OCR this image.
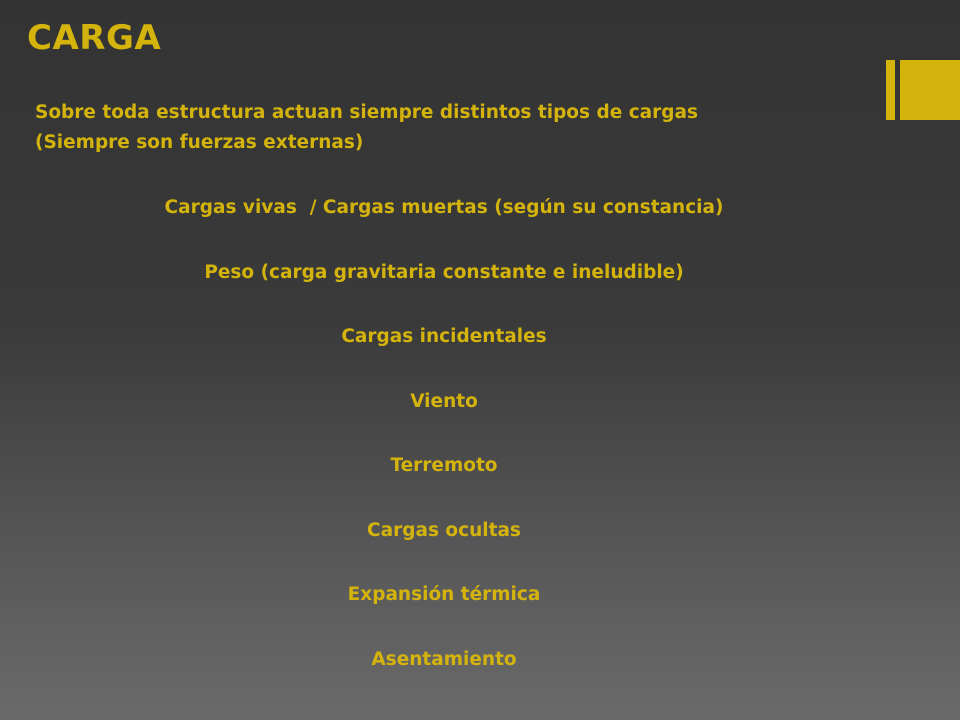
CARGA

Sobre toda estructura actuan siempre distintos tipos de cargas
(Siempre son fuerzas externas)

Cargas vivas  / Cargas muertas (según su constancia)
Peso (carga gravitaria constante e ineludible)
Cargas incidentales
Viento
Terremoto
Cargas ocultas
Expansión térmica
Asentamiento
